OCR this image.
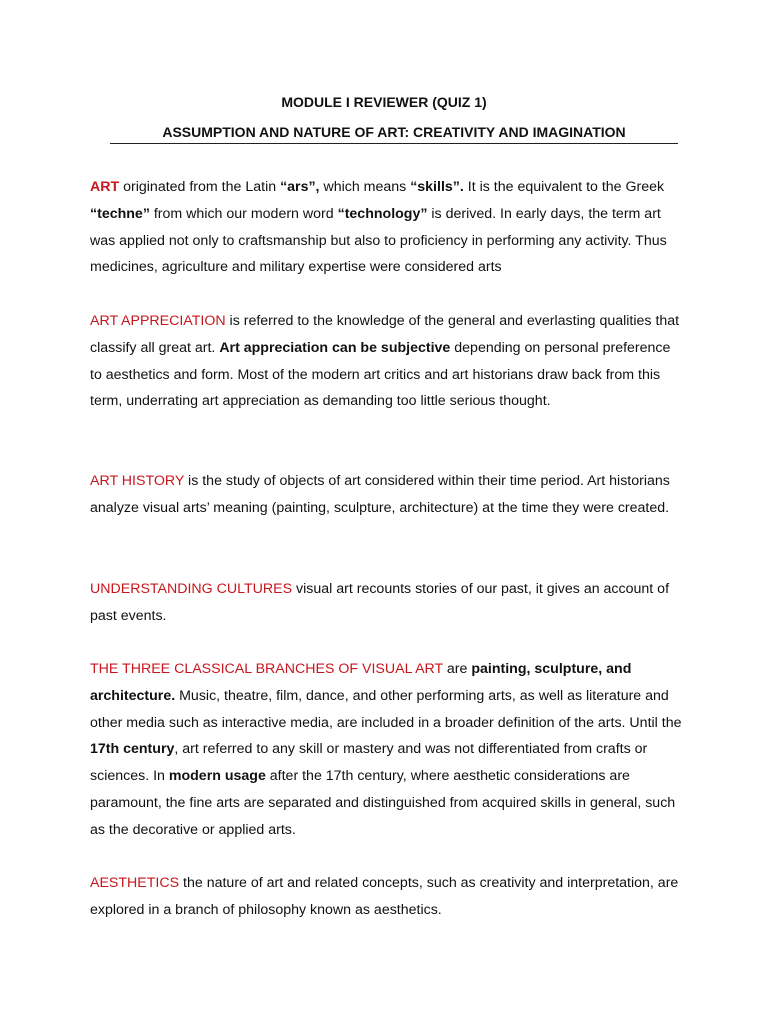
MODULE I REVIEWER (QUIZ 1)
ASSUMPTION AND NATURE OF ART: CREATIVITY AND IMAGINATION

ART originated from the Latin “ars”, which means “skills”. It is the equivalent to the Greek “techne” from which our modern word “technology” is derived. In early days, the term art was applied not only to craftsmanship but also to proficiency in performing any activity. Thus medicines, agriculture and military expertise were considered arts

ART APPRECIATION is referred to the knowledge of the general and everlasting qualities that classify all great art. Art appreciation can be subjective depending on personal preference to aesthetics and form. Most of the modern art critics and art historians draw back from this term, underrating art appreciation as demanding too little serious thought.

ART HISTORY is the study of objects of art considered within their time period. Art historians analyze visual arts’ meaning (painting, sculpture, architecture) at the time they were created.

UNDERSTANDING CULTURES visual art recounts stories of our past, it gives an account of past events.

THE THREE CLASSICAL BRANCHES OF VISUAL ART are painting, sculpture, and architecture. Music, theatre, film, dance, and other performing arts, as well as literature and other media such as interactive media, are included in a broader definition of the arts. Until the 17th century, art referred to any skill or mastery and was not differentiated from crafts or sciences. In modern usage after the 17th century, where aesthetic considerations are paramount, the fine arts are separated and distinguished from acquired skills in general, such as the decorative or applied arts.

AESTHETICS the nature of art and related concepts, such as creativity and interpretation, are explored in a branch of philosophy known as aesthetics.
